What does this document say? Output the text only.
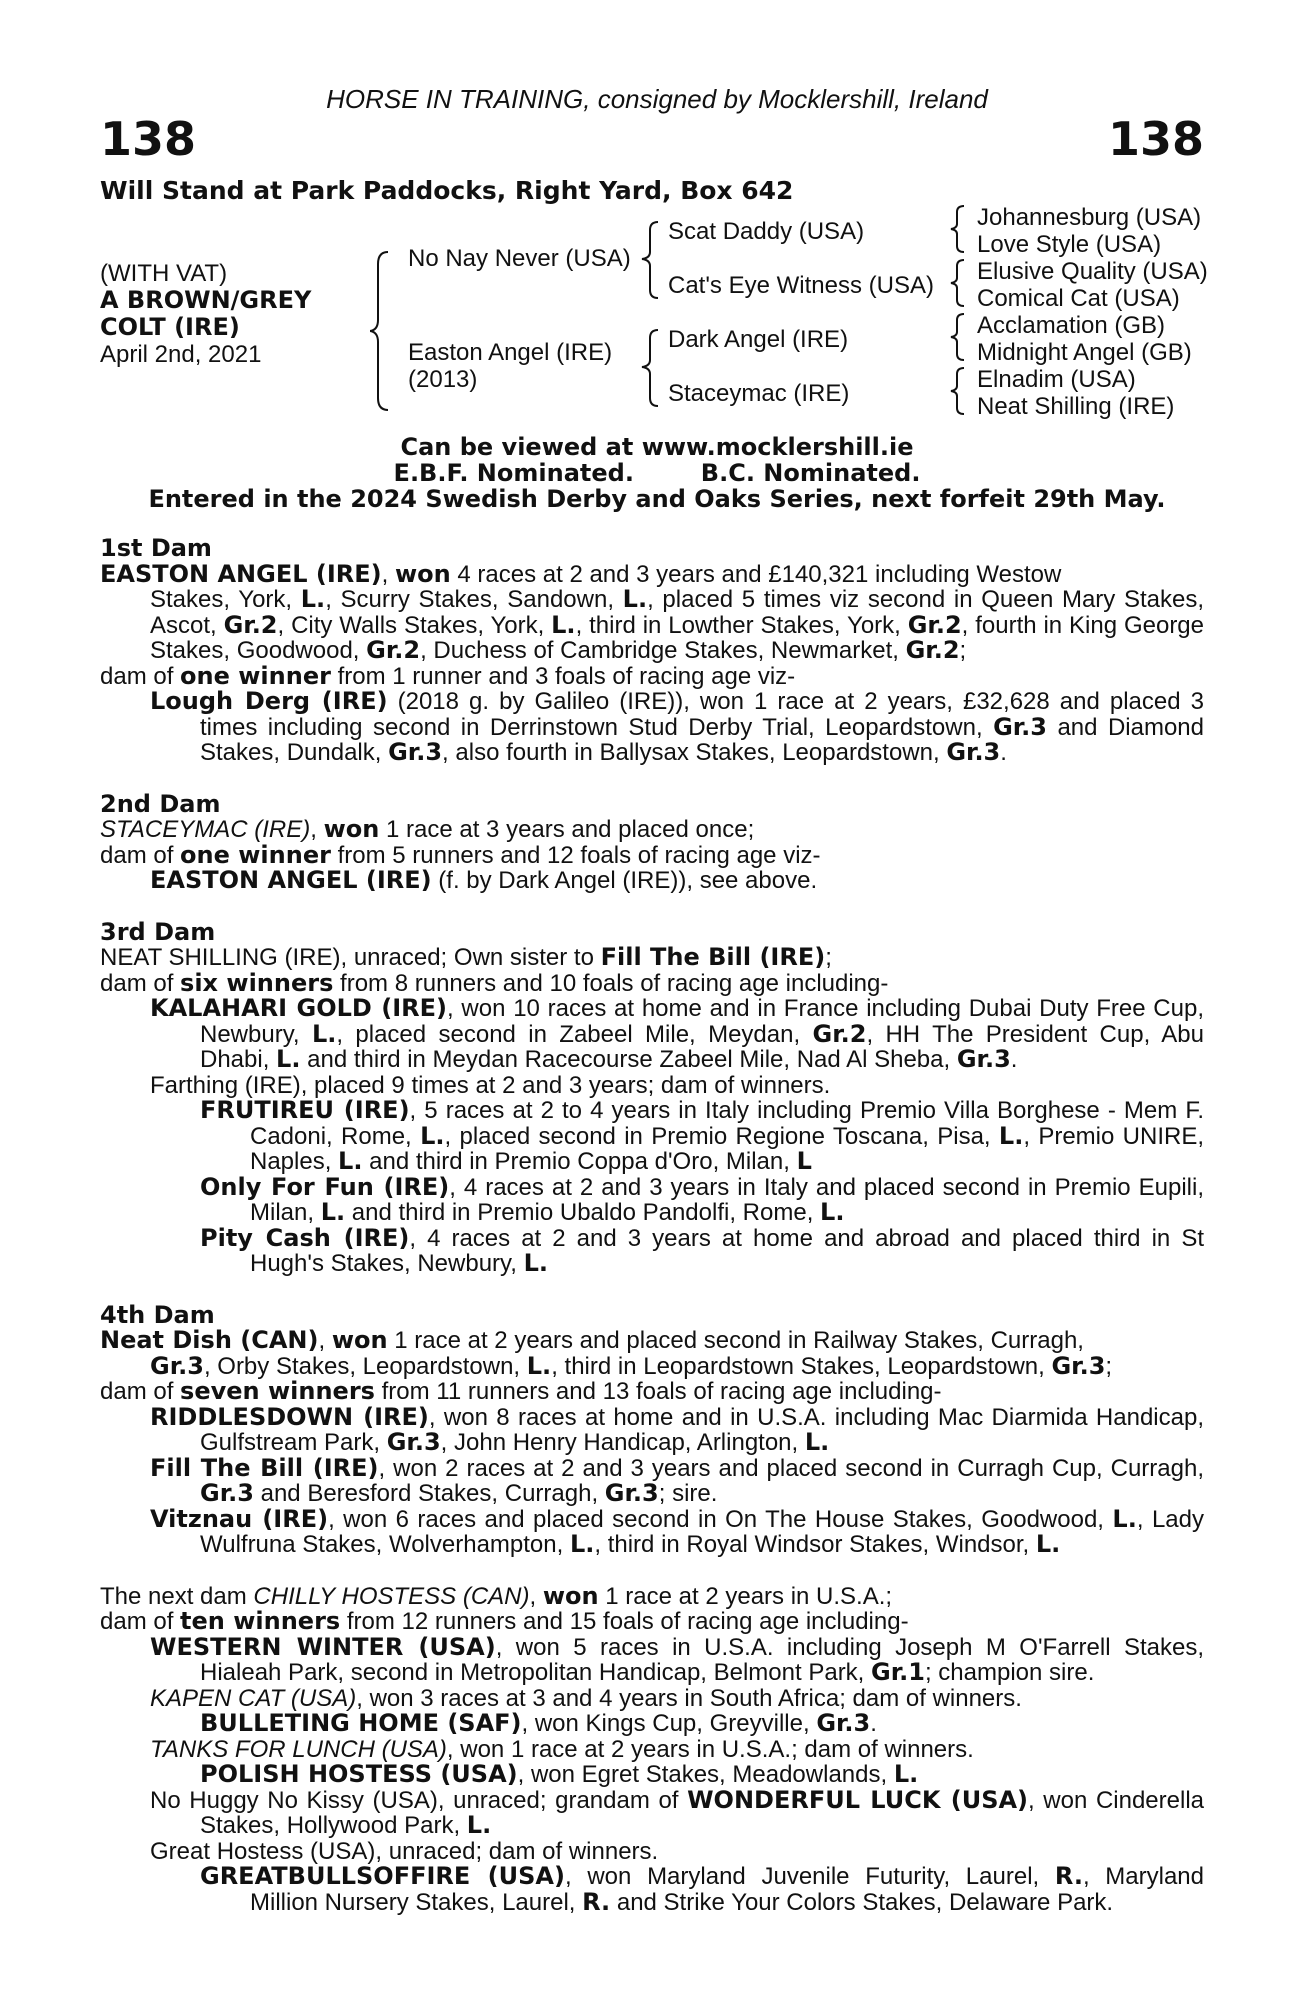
HORSE IN TRAINING, consigned by Mocklershill, Ireland
138	138
Will Stand at Park Paddocks, Right Yard, Box 642
(WITH VAT)
A BROWN/GREY
COLT (IRE)
April 2nd, 2021
No Nay Never (USA)
Easton Angel (IRE)
(2013)
Scat Daddy (USA)
Cat's Eye Witness (USA)
Dark Angel (IRE)
Staceymac (IRE)
Johannesburg (USA)
Love Style (USA)
Elusive Quality (USA)
Comical Cat (USA)
Acclamation (GB)
Midnight Angel (GB)
Elnadim (USA)
Neat Shilling (IRE)
Can be viewed at www.mocklershill.ie
E.B.F. Nominated.	B.C. Nominated.
Entered in the 2024 Swedish Derby and Oaks Series, next forfeit 29th May.
1st Dam
EASTON ANGEL (IRE), won 4 races at 2 and 3 years and £140,321 including Westow
Stakes, York, L., Scurry Stakes, Sandown, L., placed 5 times viz second in Queen Mary Stakes, Ascot, Gr.2, City Walls Stakes, York, L., third in Lowther Stakes, York, Gr.2, fourth in King George Stakes, Goodwood, Gr.2, Duchess of Cambridge Stakes, Newmarket, Gr.2;
dam of one winner from 1 runner and 3 foals of racing age viz-
Lough Derg (IRE) (2018 g. by Galileo (IRE)), won 1 race at 2 years, £32,628 and placed 3 times including second in Derrinstown Stud Derby Trial, Leopardstown, Gr.3 and Diamond Stakes, Dundalk, Gr.3, also fourth in Ballysax Stakes, Leopardstown, Gr.3.
2nd Dam
STACEYMAC (IRE), won 1 race at 3 years and placed once;
dam of one winner from 5 runners and 12 foals of racing age viz-
EASTON ANGEL (IRE) (f. by Dark Angel (IRE)), see above.
3rd Dam
NEAT SHILLING (IRE), unraced; Own sister to Fill The Bill (IRE);
dam of six winners from 8 runners and 10 foals of racing age including-
KALAHARI GOLD (IRE), won 10 races at home and in France including Dubai Duty Free Cup, Newbury, L., placed second in Zabeel Mile, Meydan, Gr.2, HH The President Cup, Abu Dhabi, L. and third in Meydan Racecourse Zabeel Mile, Nad Al Sheba, Gr.3.
Farthing (IRE), placed 9 times at 2 and 3 years; dam of winners.
FRUTIREU (IRE), 5 races at 2 to 4 years in Italy including Premio Villa Borghese - Mem F. Cadoni, Rome, L., placed second in Premio Regione Toscana, Pisa, L., Premio UNIRE, Naples, L. and third in Premio Coppa d'Oro, Milan, L
Only For Fun (IRE), 4 races at 2 and 3 years in Italy and placed second in Premio Eupili, Milan, L. and third in Premio Ubaldo Pandolfi, Rome, L.
Pity Cash (IRE), 4 races at 2 and 3 years at home and abroad and placed third in St Hugh's Stakes, Newbury, L.
4th Dam
Neat Dish (CAN), won 1 race at 2 years and placed second in Railway Stakes, Curragh,
Gr.3, Orby Stakes, Leopardstown, L., third in Leopardstown Stakes, Leopardstown, Gr.3;
dam of seven winners from 11 runners and 13 foals of racing age including-
RIDDLESDOWN (IRE), won 8 races at home and in U.S.A. including Mac Diarmida Handicap, Gulfstream Park, Gr.3, John Henry Handicap, Arlington, L.
Fill The Bill (IRE), won 2 races at 2 and 3 years and placed second in Curragh Cup, Curragh, Gr.3 and Beresford Stakes, Curragh, Gr.3; sire.
Vitznau (IRE), won 6 races and placed second in On The House Stakes, Goodwood, L., Lady Wulfruna Stakes, Wolverhampton, L., third in Royal Windsor Stakes, Windsor, L.
The next dam CHILLY HOSTESS (CAN), won 1 race at 2 years in U.S.A.;
dam of ten winners from 12 runners and 15 foals of racing age including-
WESTERN WINTER (USA), won 5 races in U.S.A. including Joseph M O'Farrell Stakes, Hialeah Park, second in Metropolitan Handicap, Belmont Park, Gr.1; champion sire.
KAPEN CAT (USA), won 3 races at 3 and 4 years in South Africa; dam of winners.
BULLETING HOME (SAF), won Kings Cup, Greyville, Gr.3.
TANKS FOR LUNCH (USA), won 1 race at 2 years in U.S.A.; dam of winners.
POLISH HOSTESS (USA), won Egret Stakes, Meadowlands, L.
No Huggy No Kissy (USA), unraced; grandam of WONDERFUL LUCK (USA), won Cinderella Stakes, Hollywood Park, L.
Great Hostess (USA), unraced; dam of winners.
GREATBULLSOFFIRE (USA), won Maryland Juvenile Futurity, Laurel, R., Maryland Million Nursery Stakes, Laurel, R. and Strike Your Colors Stakes, Delaware Park.
